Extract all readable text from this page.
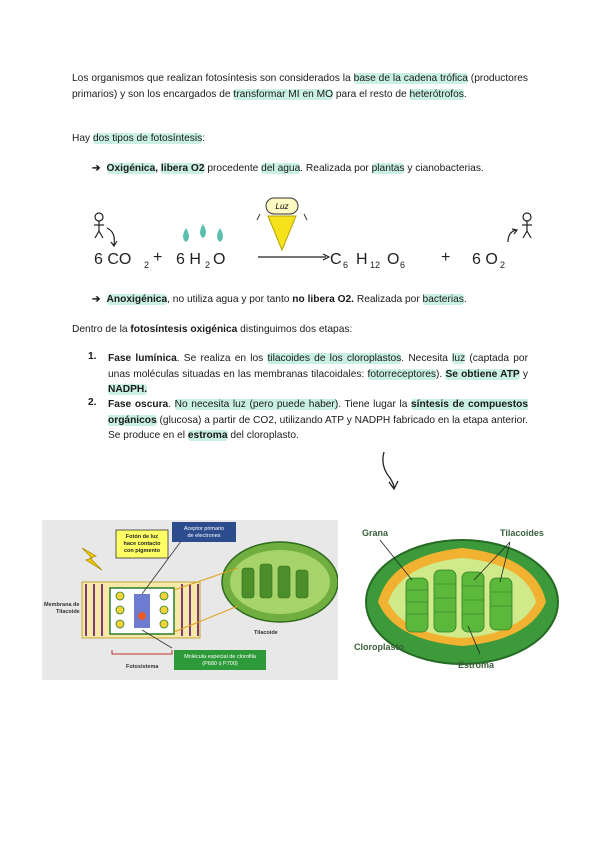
Los organismos que realizan fotosíntesis son considerados la base de la cadena trófica (productores primarios) y son los encargados de transformar MI en MO para el resto de heterótrofos.
Hay dos tipos de fotosíntesis:
➔ Oxigénica, libera O2 procedente del agua. Realizada por plantas y cianobacterias.
Luz
6 CO 2 + 6 H 2 O	C 6 H 12 O 6 + 6 O 2
➔ Anoxigénica, no utiliza agua y por tanto no libera O2. Realizada por bacterias.
Dentro de la fotosíntesis oxigénica distinguimos dos etapas:
1. Fase lumínica. Se realiza en los tilacoides de los cloroplastos. Necesita luz (captada por unas moléculas situadas en las membranas tilacoidales: fotorreceptores). Se obtiene ATP y NADPH.
2. Fase oscura. No necesita luz (pero puede haber). Tiene lugar la síntesis de compuestos orgánicos (glucosa) a partir de CO2, utilizando ATP y NADPH fabricado en la etapa anterior. Se produce en el estroma del cloroplasto.
Aceptor primario de electrones
Fotón de luz hace contacto con pigmento
Molécula especial de clorofila (P680 ó P700)
Membrana de Tilacoide
Tilacoide
Fotosistema
Grana	Tilacoides
Cloroplasto
Estroma
